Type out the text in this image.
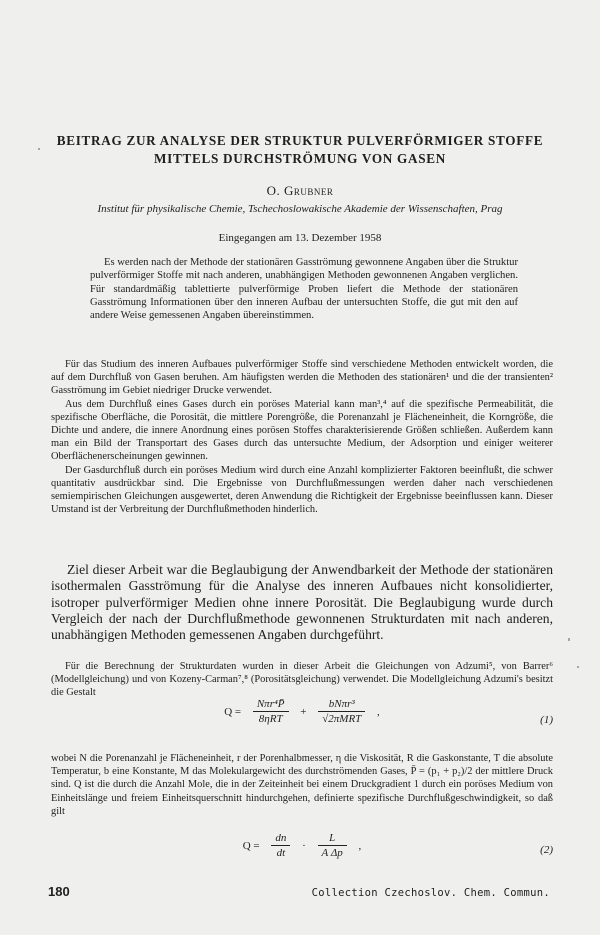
BEITRAG ZUR ANALYSE DER STRUKTUR PULVERFÖRMIGER STOFFE MITTELS DURCHSTRÖMUNG VON GASEN
O. Grubner
Institut für physikalische Chemie, Tschechoslowakische Akademie der Wissenschaften, Prag
Eingegangen am 13. Dezember 1958

Es werden nach der Methode der stationären Gasströmung gewonnene Angaben über die Struktur pulverförmiger Stoffe mit nach anderen, unabhängigen Methoden gewonnenen Angaben verglichen. Für standardmäßig tablettierte pulverförmige Proben liefert die Methode der stationären Gasströmung Informationen über den inneren Aufbau der untersuchten Stoffe, die gut mit den auf andere Weise gemessenen Angaben übereinstimmen.

Für das Studium des inneren Aufbaues pulverförmiger Stoffe sind verschiedene Methoden entwickelt worden, die auf dem Durchfluß von Gasen beruhen. Am häufigsten werden die Methoden des stationären¹ und die der transienten² Gasströmung im Gebiet niedriger Drucke verwendet.

Aus dem Durchfluß eines Gases durch ein poröses Material kann man³,⁴ auf die spezifische Permeabilität, die spezifische Oberfläche, die Porosität, die mittlere Porengröße, die Porenanzahl je Flächeneinheit, die Korngröße, die Dichte und andere, die innere Anordnung eines porösen Stoffes charakterisierende Größen schließen. Außerdem kann man ein Bild der Transportart des Gases durch das untersuchte Medium, der Adsorption und einiger weiterer Oberflächenerscheinungen gewinnen.

Der Gasdurchfluß durch ein poröses Medium wird durch eine Anzahl komplizierter Faktoren beeinflußt, die schwer quantitativ ausdrückbar sind. Die Ergebnisse von Durchflußmessungen werden daher nach verschiedenen semiempirischen Gleichungen ausgewertet, deren Anwendung die Richtigkeit der Ergebnisse beeinflussen kann. Dieser Umstand ist der Verbreitung der Durchflußmethoden hinderlich.

Ziel dieser Arbeit war die Beglaubigung der Anwendbarkeit der Methode der stationären isothermalen Gasströmung für die Analyse des inneren Aufbaues nicht konsolidierter, isotroper pulverförmiger Medien ohne innere Porosität. Die Beglaubigung wurde durch Vergleich der nach der Durchflußmethode gewonnenen Strukturdaten mit nach anderen, unabhängigen Methoden gemessenen Angaben durchgeführt.

Für die Berechnung der Strukturdaten wurden in dieser Arbeit die Gleichungen von Adzumi⁵, von Barrer⁶ (Modellgleichung) und von Kozeny-Carman⁷,⁸ (Porositätsgleichung) verwendet. Die Modellgleichung Adzumi's besitzt die Gestalt

$Q = \frac{\text{Nπr⁴P̄}}{\text{8ηRT}} + \frac{\text{bNπr³}}{\text{√2πMRT}}$ ,
(1)

wobei N die Porenanzahl je Flächeneinheit, r der Porenhalbmesser, η die Viskosität, R die Gaskonstante, T die absolute Temperatur, b eine Konstante, M das Molekulargewicht des durchströmenden Gases, P̄ = (p₁ + p₂)/2 der mittlere Druck sind. Q ist die durch die Anzahl Mole, die in der Zeiteinheit bei einem Druckgradient 1 durch ein poröses Medium von Einheitslänge und freiem Einheitsquerschnitt hindurchgehen, definierte spezifische Durchflußgeschwindigkeit, so daß gilt

$Q = \frac{dn}{dt} \cdot \frac{L}{\text{A Δp}}$ ,	(2)
180	Collection Czechoslov. Chem. Commun.
